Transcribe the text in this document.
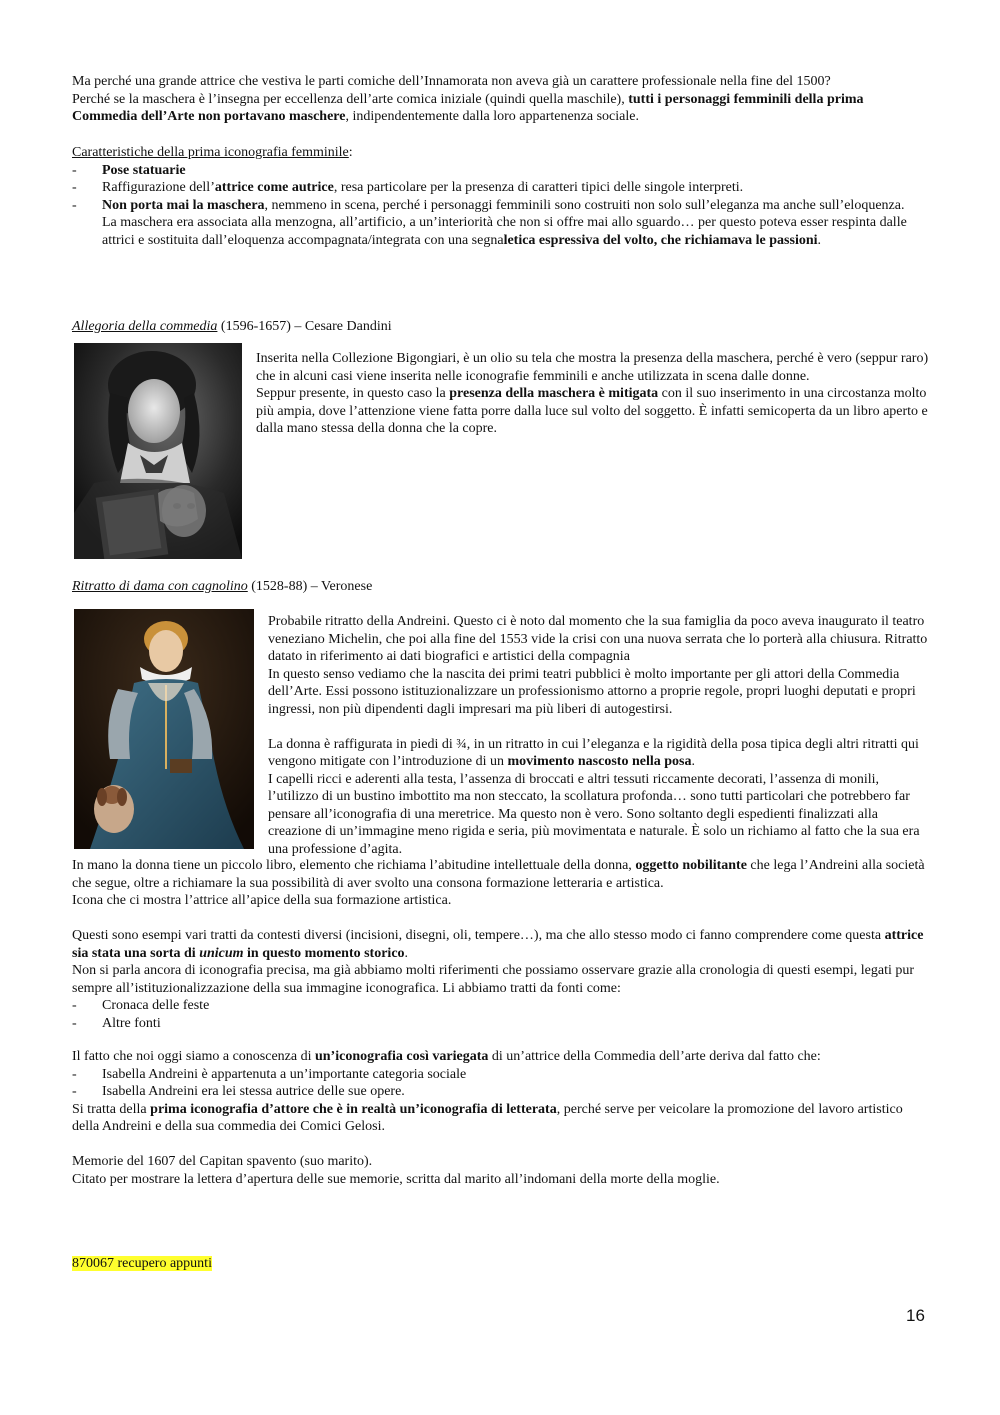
Ma perché una grande attrice che vestiva le parti comiche dell’Innamorata non aveva già un carattere professionale nella fine del 1500?

Perché se la maschera è l’insegna per eccellenza dell’arte comica iniziale (quindi quella maschile), tutti i personaggi femminili della prima Commedia dell’Arte non portavano maschere, indipendentemente dalla loro appartenenza sociale.

Caratteristiche della prima iconografia femminile:

- Pose statuarie
- Raffigurazione dell’attrice come autrice, resa particolare per la presenza di caratteri tipici delle singole interpreti.
- Non porta mai la maschera, nemmeno in scena, perché i personaggi femminili sono costruiti non solo sull’eleganza ma anche sull’eloquenza.

La maschera era associata alla menzogna, all’artificio, a un’interiorità che non si offre mai allo sguardo… per questo poteva esser respinta dalle attrici e sostituita dall’eloquenza accompagnata/integrata con una segnaletica espressiva del volto, che richiamava le passioni.

Allegoria della commedia (1596-1657) – Cesare Dandini

Inserita nella Collezione Bigongiari, è un olio su tela che mostra la presenza della maschera, perché è vero (seppur raro) che in alcuni casi viene inserita nelle iconografie femminili e anche utilizzata in scena dalle donne.

Seppur presente, in questo caso la presenza della maschera è mitigata con il suo inserimento in una circostanza molto più ampia, dove l’attenzione viene fatta porre dalla luce sul volto del soggetto. È infatti semicoperta da un libro aperto e dalla mano stessa della donna che la copre.

Ritratto di dama con cagnolino (1528-88) – Veronese

Probabile ritratto della Andreini. Questo ci è noto dal momento che la sua famiglia da poco aveva inaugurato il teatro veneziano Michelin, che poi alla fine del 1553 vide la crisi con una nuova serrata che lo porterà alla chiusura. Ritratto datato in riferimento ai dati biografici e artistici della compagnia

In questo senso vediamo che la nascita dei primi teatri pubblici è molto importante per gli attori della Commedia dell’Arte. Essi possono istituzionalizzare un professionismo attorno a proprie regole, propri luoghi deputati e propri ingressi, non più dipendenti dagli impresari ma più liberi di autogestirsi.

La donna è raffigurata in piedi di ¾, in un ritratto in cui l’eleganza e la rigidità della posa tipica degli altri ritratti qui vengono mitigate con l’introduzione di un movimento nascosto nella posa.

I capelli ricci e aderenti alla testa, l’assenza di broccati e altri tessuti riccamente decorati, l’assenza di monili, l’utilizzo di un bustino imbottito ma non steccato, la scollatura profonda… sono tutti particolari che potrebbero far pensare all’iconografia di una meretrice. Ma questo non è vero. Sono soltanto degli espedienti finalizzati alla creazione di un’immagine meno rigida e seria, più movimentata e naturale. È solo un richiamo al fatto che la sua era una professione d’agita.

In mano la donna tiene un piccolo libro, elemento che richiama l’abitudine intellettuale della donna, oggetto nobilitante che lega l’Andreini alla società che segue, oltre a richiamare la sua possibilità di aver svolto una consona formazione letteraria e artistica.

Icona che ci mostra l’attrice all’apice della sua formazione artistica.

Questi sono esempi vari tratti da contesti diversi (incisioni, disegni, oli, tempere…), ma che allo stesso modo ci fanno comprendere come questa attrice sia stata una sorta di unicum in questo momento storico.

Non si parla ancora di iconografia precisa, ma già abbiamo molti riferimenti che possiamo osservare grazie alla cronologia di questi esempi, legati pur sempre all’istituzionalizzazione della sua immagine iconografica. Li abbiamo tratti da fonti come:

- Cronaca delle feste
- Altre fonti

Il fatto che noi oggi siamo a conoscenza di un’iconografia così variegata di un’attrice della Commedia dell’arte deriva dal fatto che:

- Isabella Andreini è appartenuta a un’importante categoria sociale
- Isabella Andreini era lei stessa autrice delle sue opere.

Si tratta della prima iconografia d’attore che è in realtà un’iconografia di letterata, perché serve per veicolare la promozione del lavoro artistico della Andreini e della sua commedia dei Comici Gelosi.

Memorie del 1607 del Capitan spavento (suo marito).

Citato per mostrare la lettera d’apertura delle sue memorie, scritta dal marito all’indomani della morte della moglie.

870067 recupero appunti
16
